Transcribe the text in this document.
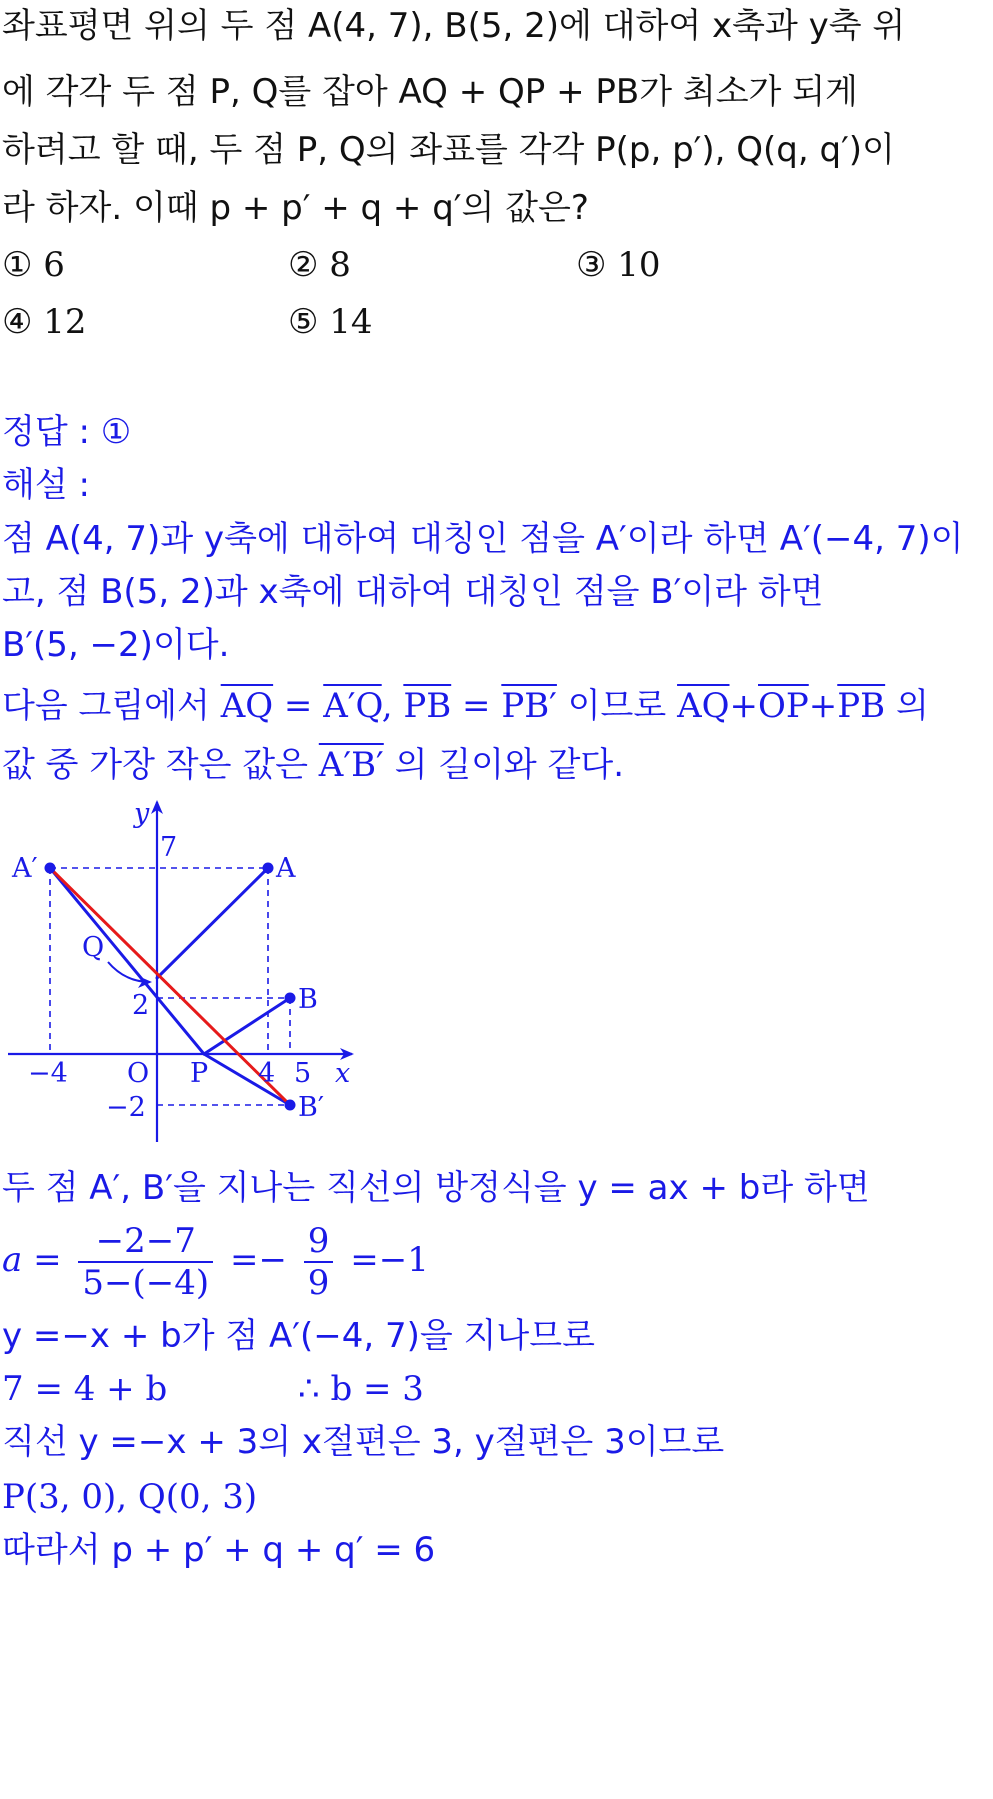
좌표평면 위의 두 점 A(4, 7), B(5, 2)에 대하여 x축과 y축 위
에 각각 두 점 P, Q를 잡아 AQ + QP + PB가 최소가 되게
하려고 할 때, 두 점 P, Q의 좌표를 각각 P(p, p′), Q(q, q′)이
라 하자. 이때 p + p′ + q + q′의 값은?
① 6	② 8	③ 10
④ 12	⑤ 14
정답 : ①
해설 :
점 A(4, 7)과 y축에 대하여 대칭인 점을 A′이라 하면 A′(−4, 7)이
고, 점 B(5, 2)과 x축에 대하여 대칭인 점을 B′이라 하면
B′(5, −2)이다.
다음 그림에서 $\overline{AQ} = A'Q$, $\overline{PB} = PB'$ 이므로 $\overline{AQ}+\overline{OP}+\overline{PB}$ 의
값 중 가장 작은 값은 A′B′ 의 길이와 같다.
y
x
7
A′	A
Q
2	B
−4 O P 4 5
−2	B′
두 점 A′, B′을 지나는 직선의 방정식을 y = ax + b라 하면
$a = \frac{-2-7}{5-(-4)} =- \frac{9}{9} =-1$
y =−x + b가 점 A′(−4, 7)을 지나므로
7 = 4 + b	∴ b = 3
직선 y =−x + 3의 x절편은 3, y절편은 3이므로
P(3, 0), Q(0, 3)
따라서 p + p′ + q + q′ = 6
